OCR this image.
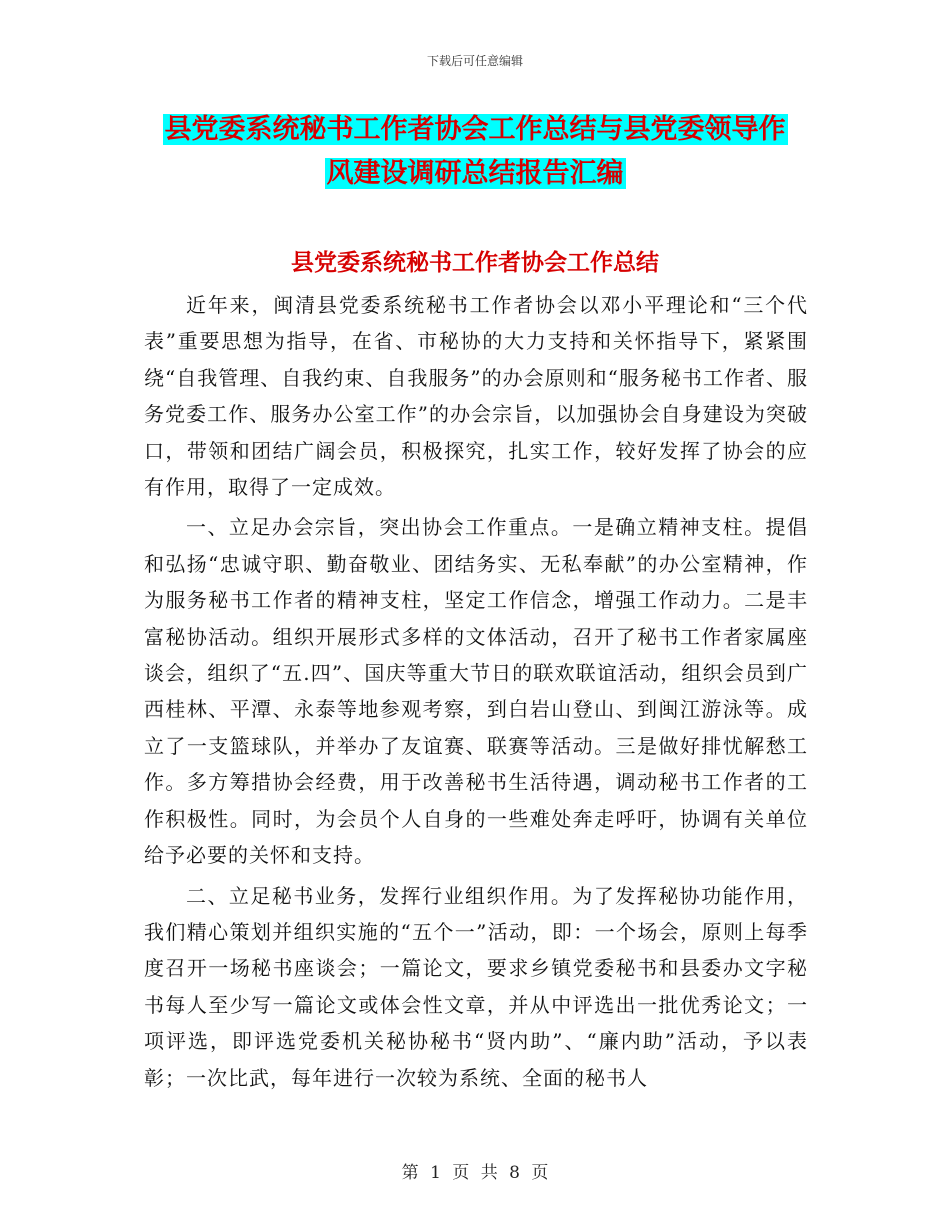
下载后可任意编辑
县党委系统秘书工作者协会工作总结与县党委领导作
风建设调研总结报告汇编
县党委系统秘书工作者协会工作总结

近年来，闽清县党委系统秘书工作者协会以邓小平理论和“三个代表”重要思想为指导，在省、市秘协的大力支持和关怀指导下，紧紧围绕“自我管理、自我约束、自我服务”的办会原则和“服务秘书工作者、服务党委工作、服务办公室工作”的办会宗旨，以加强协会自身建设为突破口，带领和团结广阔会员，积极探究，扎实工作，较好发挥了协会的应有作用，取得了一定成效。

一、立足办会宗旨，突出协会工作重点。一是确立精神支柱。提倡和弘扬“忠诚守职、勤奋敬业、团结务实、无私奉献”的办公室精神，作为服务秘书工作者的精神支柱，坚定工作信念，增强工作动力。二是丰富秘协活动。组织开展形式多样的文体活动，召开了秘书工作者家属座谈会，组织了“五.四”、国庆等重大节日的联欢联谊活动，组织会员到广西桂林、平潭、永泰等地参观考察，到白岩山登山、到闽江游泳等。成立了一支篮球队，并举办了友谊赛、联赛等活动。三是做好排忧解愁工作。多方筹措协会经费，用于改善秘书生活待遇，调动秘书工作者的工作积极性。同时，为会员个人自身的一些难处奔走呼吁，协调有关单位给予必要的关怀和支持。

二、立足秘书业务，发挥行业组织作用。为了发挥秘协功能作用，我们精心策划并组织实施的“五个一”活动，即：一个场会，原则上每季度召开一场秘书座谈会；一篇论文，要求乡镇党委秘书和县委办文字秘书每人至少写一篇论文或体会性文章，并从中评选出一批优秀论文；一项评选，即评选党委机关秘协秘书“贤内助”、“廉内助”活动，予以表彰；一次比武，每年进行一次较为系统、全面的秘书人

第 1 页 共 8 页
